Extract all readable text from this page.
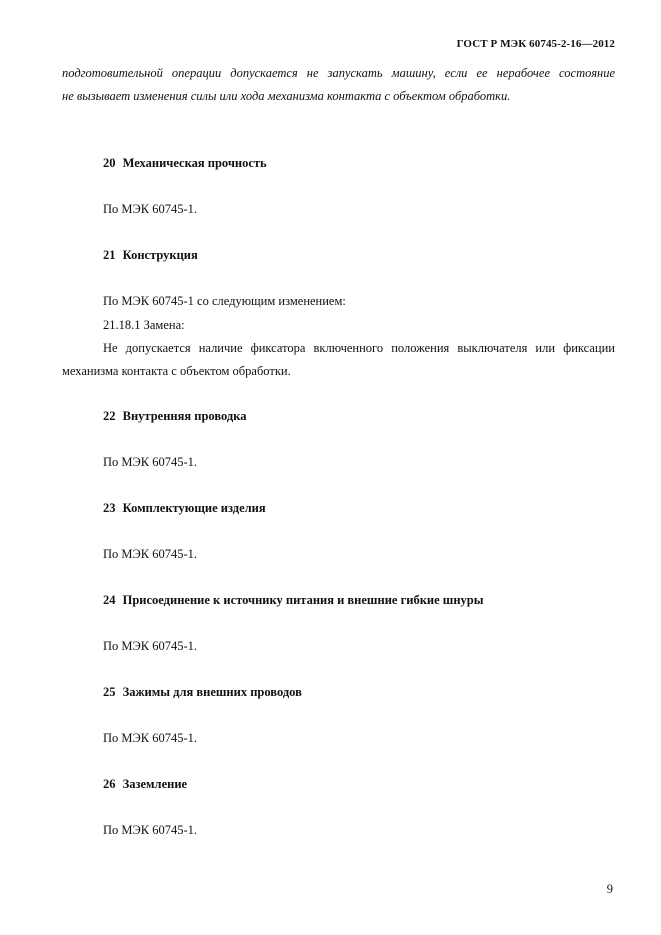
ГОСТ Р МЭК 60745-2-16—2012
подготовительной операции допускается не запускать машину, если ее нерабочее состояние
не вызывает изменения силы или хода механизма контакта с объектом обработки.
20 Механическая прочность
По МЭК 60745-1.
21 Конструкция
По МЭК 60745-1 со следующим изменением:
21.18.1 Замена:
Не допускается наличие фиксатора включенного положения выключателя или фиксации
механизма контакта с объектом обработки.
22 Внутренняя проводка
По МЭК 60745-1.
23 Комплектующие изделия
По МЭК 60745-1.
24 Присоединение к источнику питания и внешние гибкие шнуры
По МЭК 60745-1.
25 Зажимы для внешних проводов
По МЭК 60745-1.
26 Заземление
По МЭК 60745-1.
9
